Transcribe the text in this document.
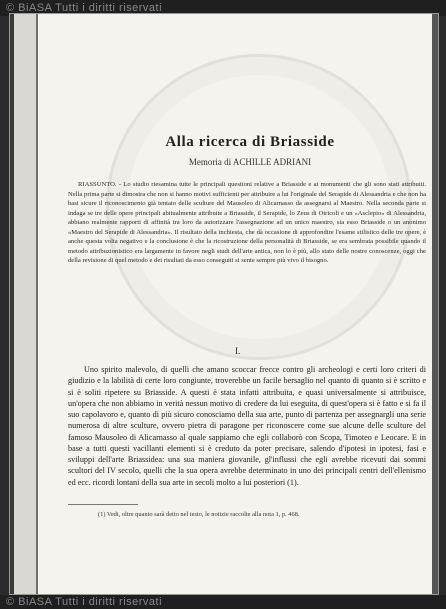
© BiASA Tutti i diritti riservati
Alla ricerca di Briasside
Memoria di ACHILLE ADRIANI

RIASSUNTO. - Lo studio riesamina tutte le principali questioni relative a Briasside e ai monumenti che gli sono stati attribuiti. Nella prima parte si dimostra che non si hanno motivi sufficienti per attribuire a lui l'originale del Serapide di Alessandria e che non ha basi sicure il riconoscimento già tentato delle sculture del Mausoleo di Alicarnasso da assegnarsi al Maestro. Nella seconda parte si indaga se tre delle opere principali abitualmente attribuite a Briasside, il Serapide, lo Zeus di Otricoli e un «Asclepio» di Alessandria, abbiano realmente rapporti di affinità tra loro da autorizzare l'assegnazione ad un unico maestro, sia esso Briasside o un anonimo «Maestro del Serapide di Alessandria». Il risultato della inchiesta, che dà occasione di approfondire l'esame stilistico delle tre opere, è anche questa volta negativo e la conclusione è che la ricostruzione della personalità di Briasside, se era sembrata possibile quando il metodo attribuzionistico era largamente in favore negli studi dell'arte antica, non lo è più, allo stato delle nostre conoscenze, oggi che della revisione di quel metodo e dei risultati da esso conseguiti si sente sempre più vivo il bisogno.

I.

Uno spirito malevolo, di quelli che amano scoccar frecce contro gli archeologi e certi loro criteri di giudizio e la labilità di certe loro congiunte, troverebbe un facile bersaglio nel quanto di quanto si è scritto e si è soliti ripetere su Briasside. A questi è stata infatti attribuita, e quasi universalmente si attribuisce, un'opera che non abbiamo in verità nessun motivo di credere da lui eseguita, di quest'opera si è fatto e si fa il suo capolavoro e, quanto di più sicuro conosciamo della sua arte, punto di partenza per assegnargli una serie numerosa di altre sculture, ovvero pietra di paragone per riconoscere come sue alcune delle sculture del famoso Mausoleo di Alicarnasso al quale sappiamo che egli collaborò con Scopa, Timoteo e Leocare. E in base a tutti questi vacillanti elementi si è creduto da poter precisare, salendo d'ipotesi in ipotesi, fasi e sviluppi dell'arte Briassidea: una sua maniera giovanile, gl'influssi che egli avrebbe ricevuti dai sommi scultori del IV secolo, quelli che la sua opera avrebbe determinato in uno dei principali centri dell'ellenismo ed ecc. ricordi lontani della sua arte in secoli molto a lui posteriori (1).

(1) Vedi, oltre quanto sarà detto nel testo, le notizie raccolte alla nota 1, p. 468.

© BiASA Tutti i diritti riservati
